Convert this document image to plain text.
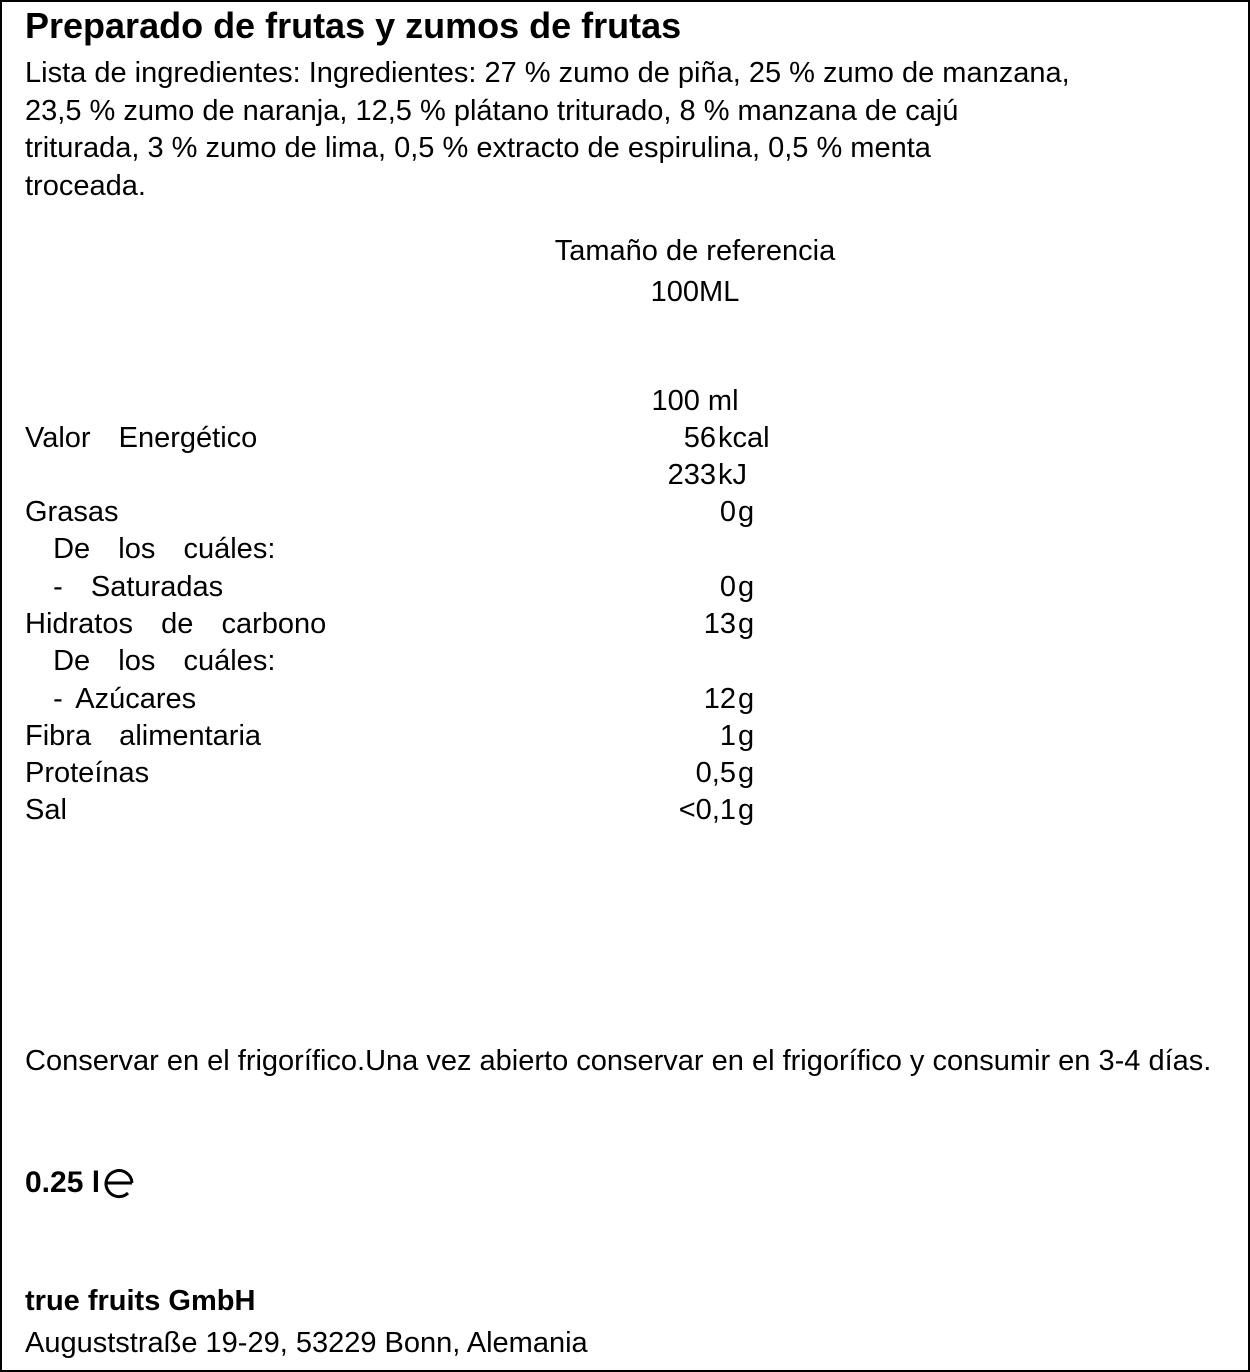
Preparado de frutas y zumos de frutas
Lista de ingredientes: Ingredientes: 27 % zumo de piña, 25 % zumo de manzana,
23,5 % zumo de naranja, 12,5 % plátano triturado, 8 % manzana de cajú
triturada, 3 % zumo de lima, 0,5 % extracto de espirulina, 0,5 % menta
troceada.
Tamaño de referencia
100ML
100 ml
Valor  Energético	56 kcal
233 kJ
Grasas	0 g
De  los  cuáles:
-  Saturadas	0 g
Hidratos  de  carbono	13 g
De  los  cuáles:
- Azúcares	12 g
Fibra  alimentaria	1 g
Proteínas	0,5 g
Sal	<0,1 g
Conservar en el frigorífico.Una vez abierto conservar en el frigorífico y consumir en 3-4 días.
0.25 l
true fruits GmbH
Auguststraße 19-29, 53229 Bonn, Alemania
